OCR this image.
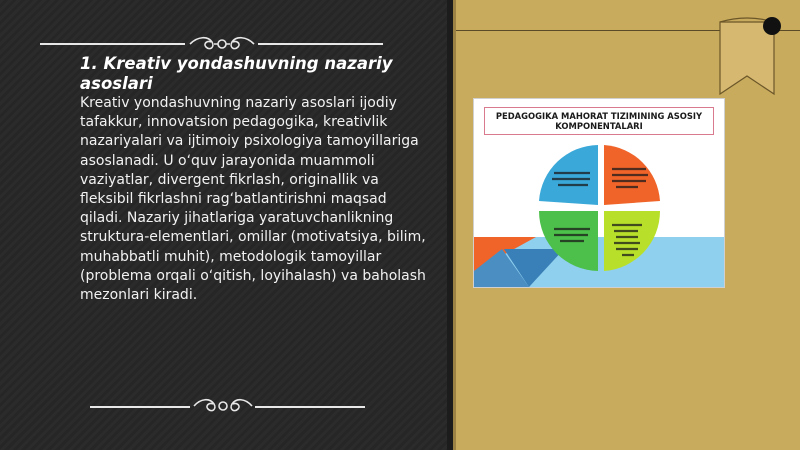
1. Kreativ yondashuvning nazariy asoslari

Kreativ yondashuvning nazariy asoslari ijodiy tafakkur, innovatsion pedagogika, kreativlik nazariyalari va ijtimoiy psixologiya tamoyillariga asoslanadi. U o‘quv jarayonida muammoli vaziyatlar, divergent fikrlash, originallik va fleksibil fikrlashni rag‘batlantirishni maqsad qiladi. Nazariy jihatlariga yaratuvchanlikning struktura-elementlari, omillar (motivatsiya, bilim, muhabbatli muhit), metodologik tamoyillar (problema orqali o‘qitish, loyihalash) va baholash mezonlari kiradi.

PEDAGOGIKA MAHORAT TIZIMINING ASOSIY KOMPONENTALARI
